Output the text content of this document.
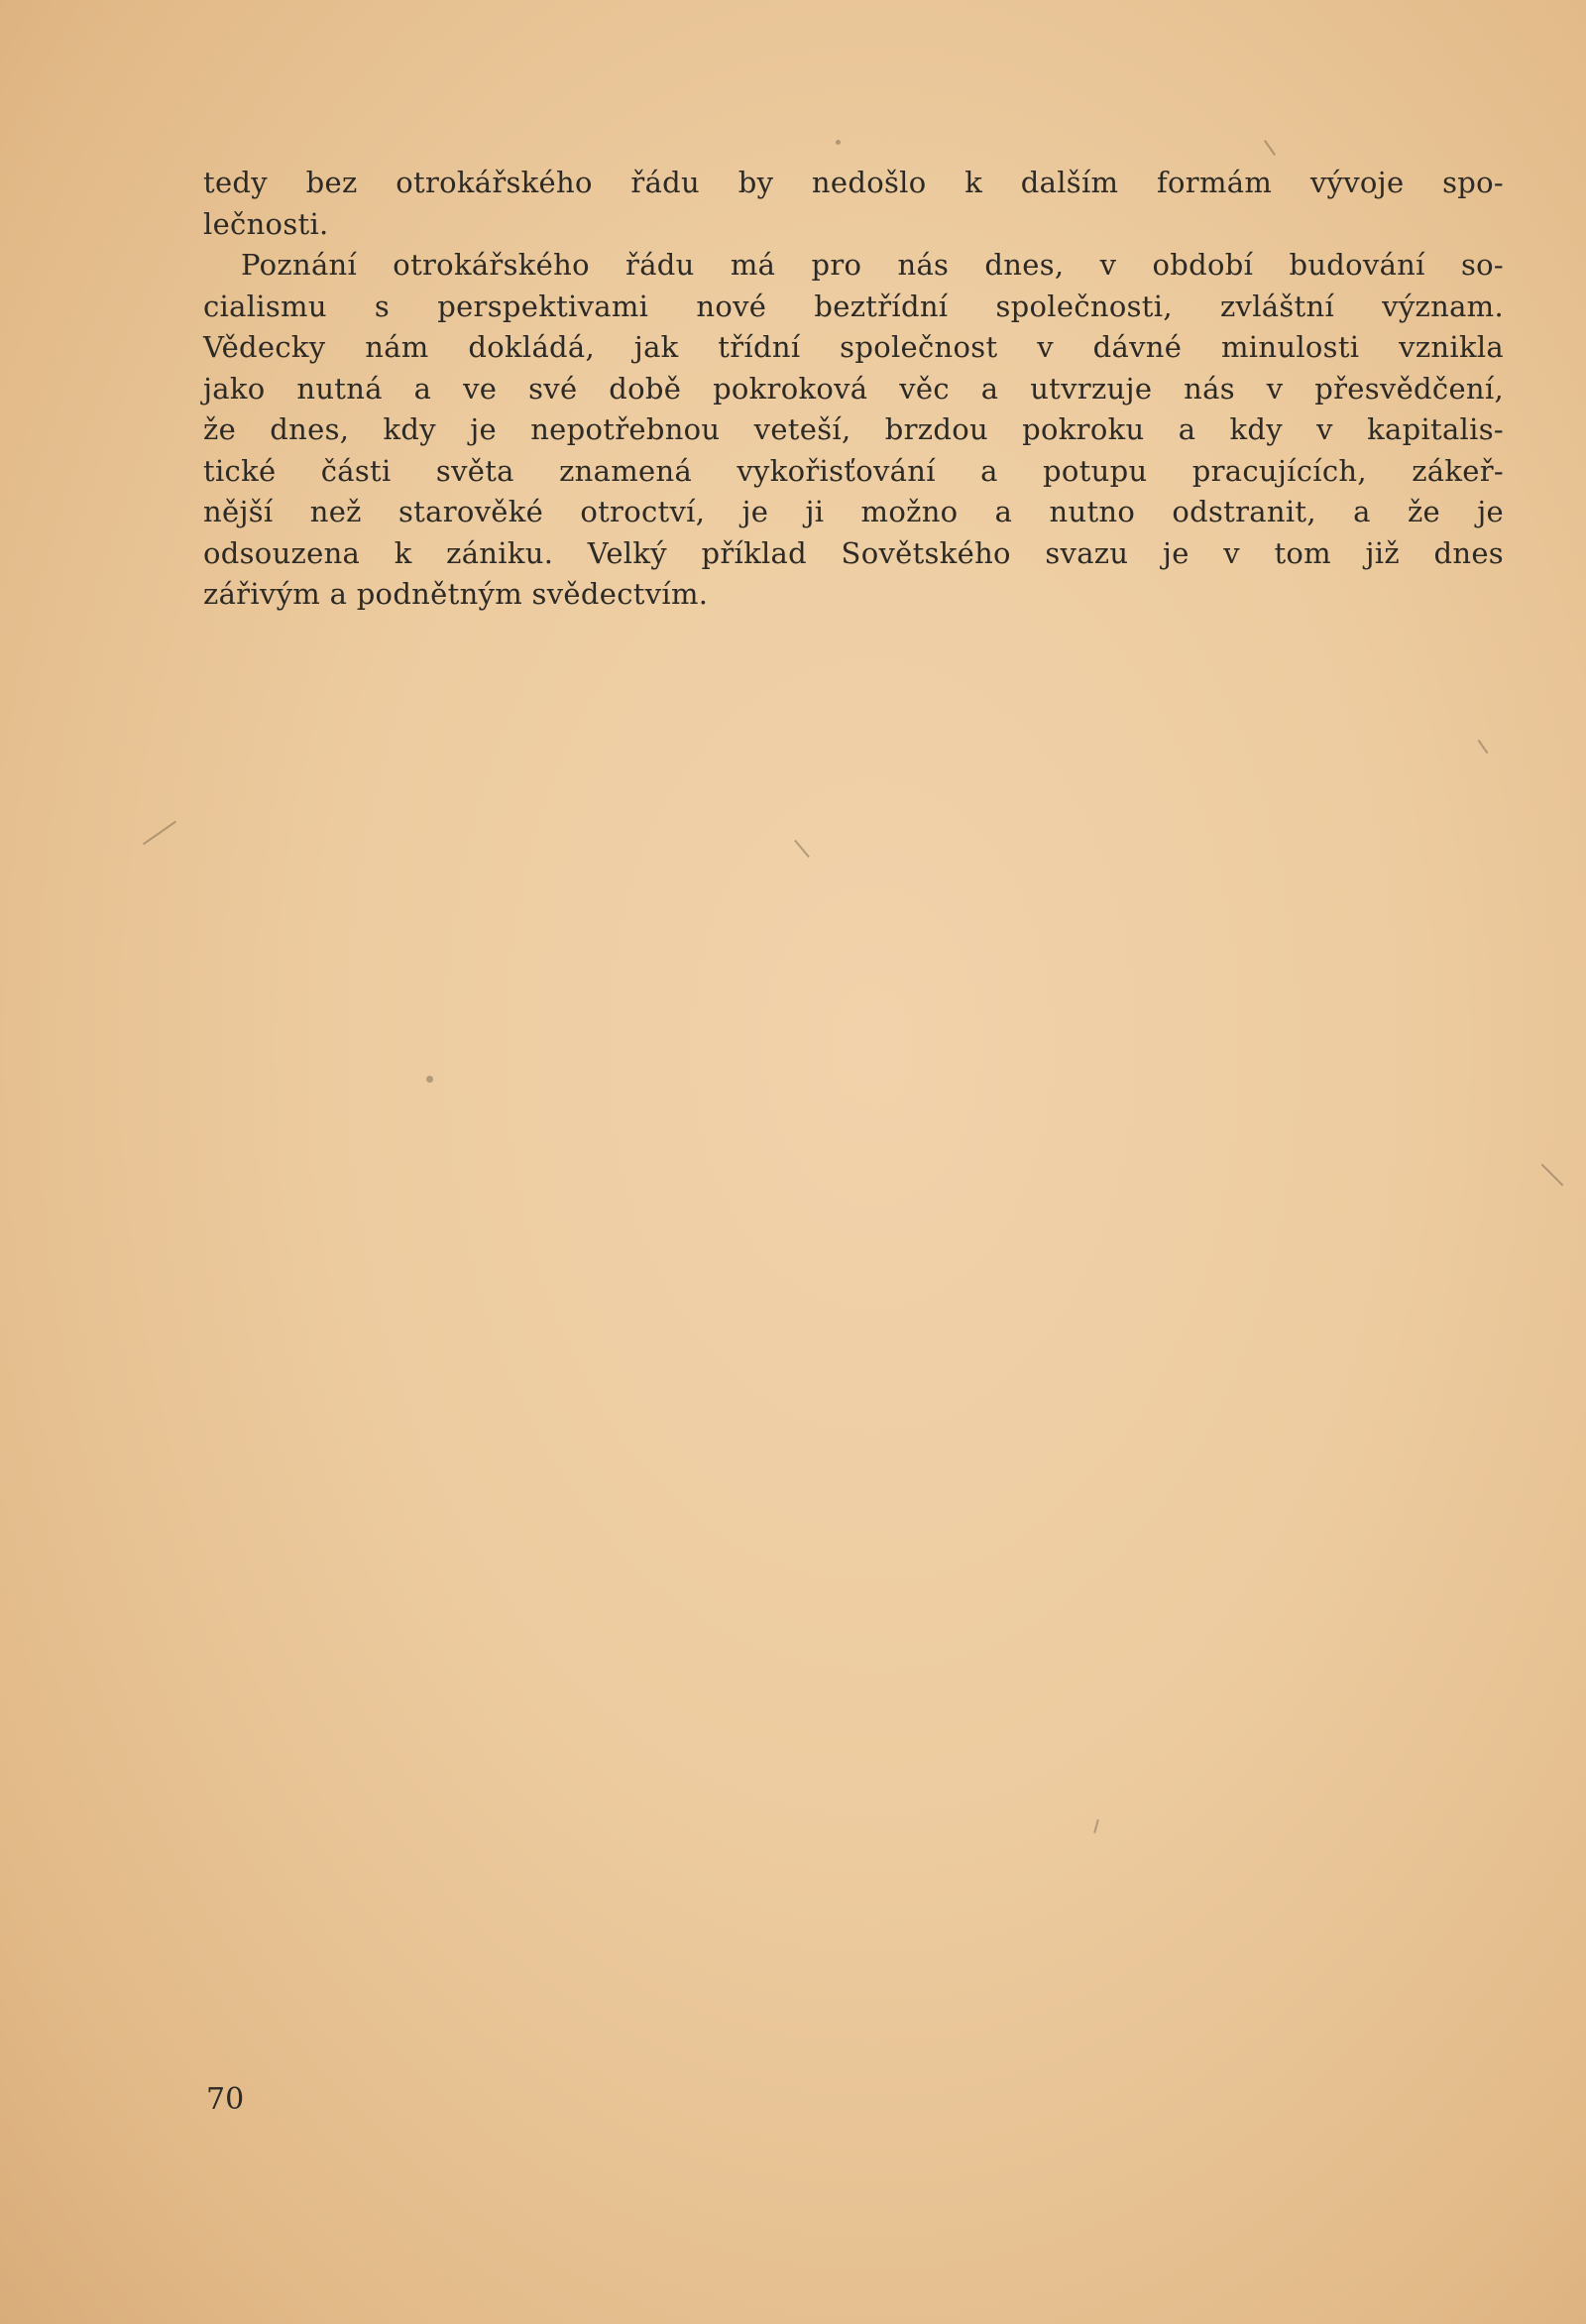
tedy bez otrokářského řádu by nedošlo k dalším formám vývoje spo-
lečnosti.
Poznání otrokářského řádu má pro nás dnes, v období budování so-
cialismu s perspektivami nové beztřídní společnosti, zvláštní význam.
Vědecky nám dokládá, jak třídní společnost v dávné minulosti vznikla
jako nutná a ve své době pokroková věc a utvrzuje nás v přesvědčení,
že dnes, kdy je nepotřebnou veteší, brzdou pokroku a kdy v kapitalis-
tické části světa znamená vykořisťování a potupu pracujících, zákeř-
nější než starověké otroctví, je ji možno a nutno odstranit, a že je
odsouzena k zániku. Velký příklad Sovětského svazu je v tom již dnes
zářivým a podnětným svědectvím.
70
